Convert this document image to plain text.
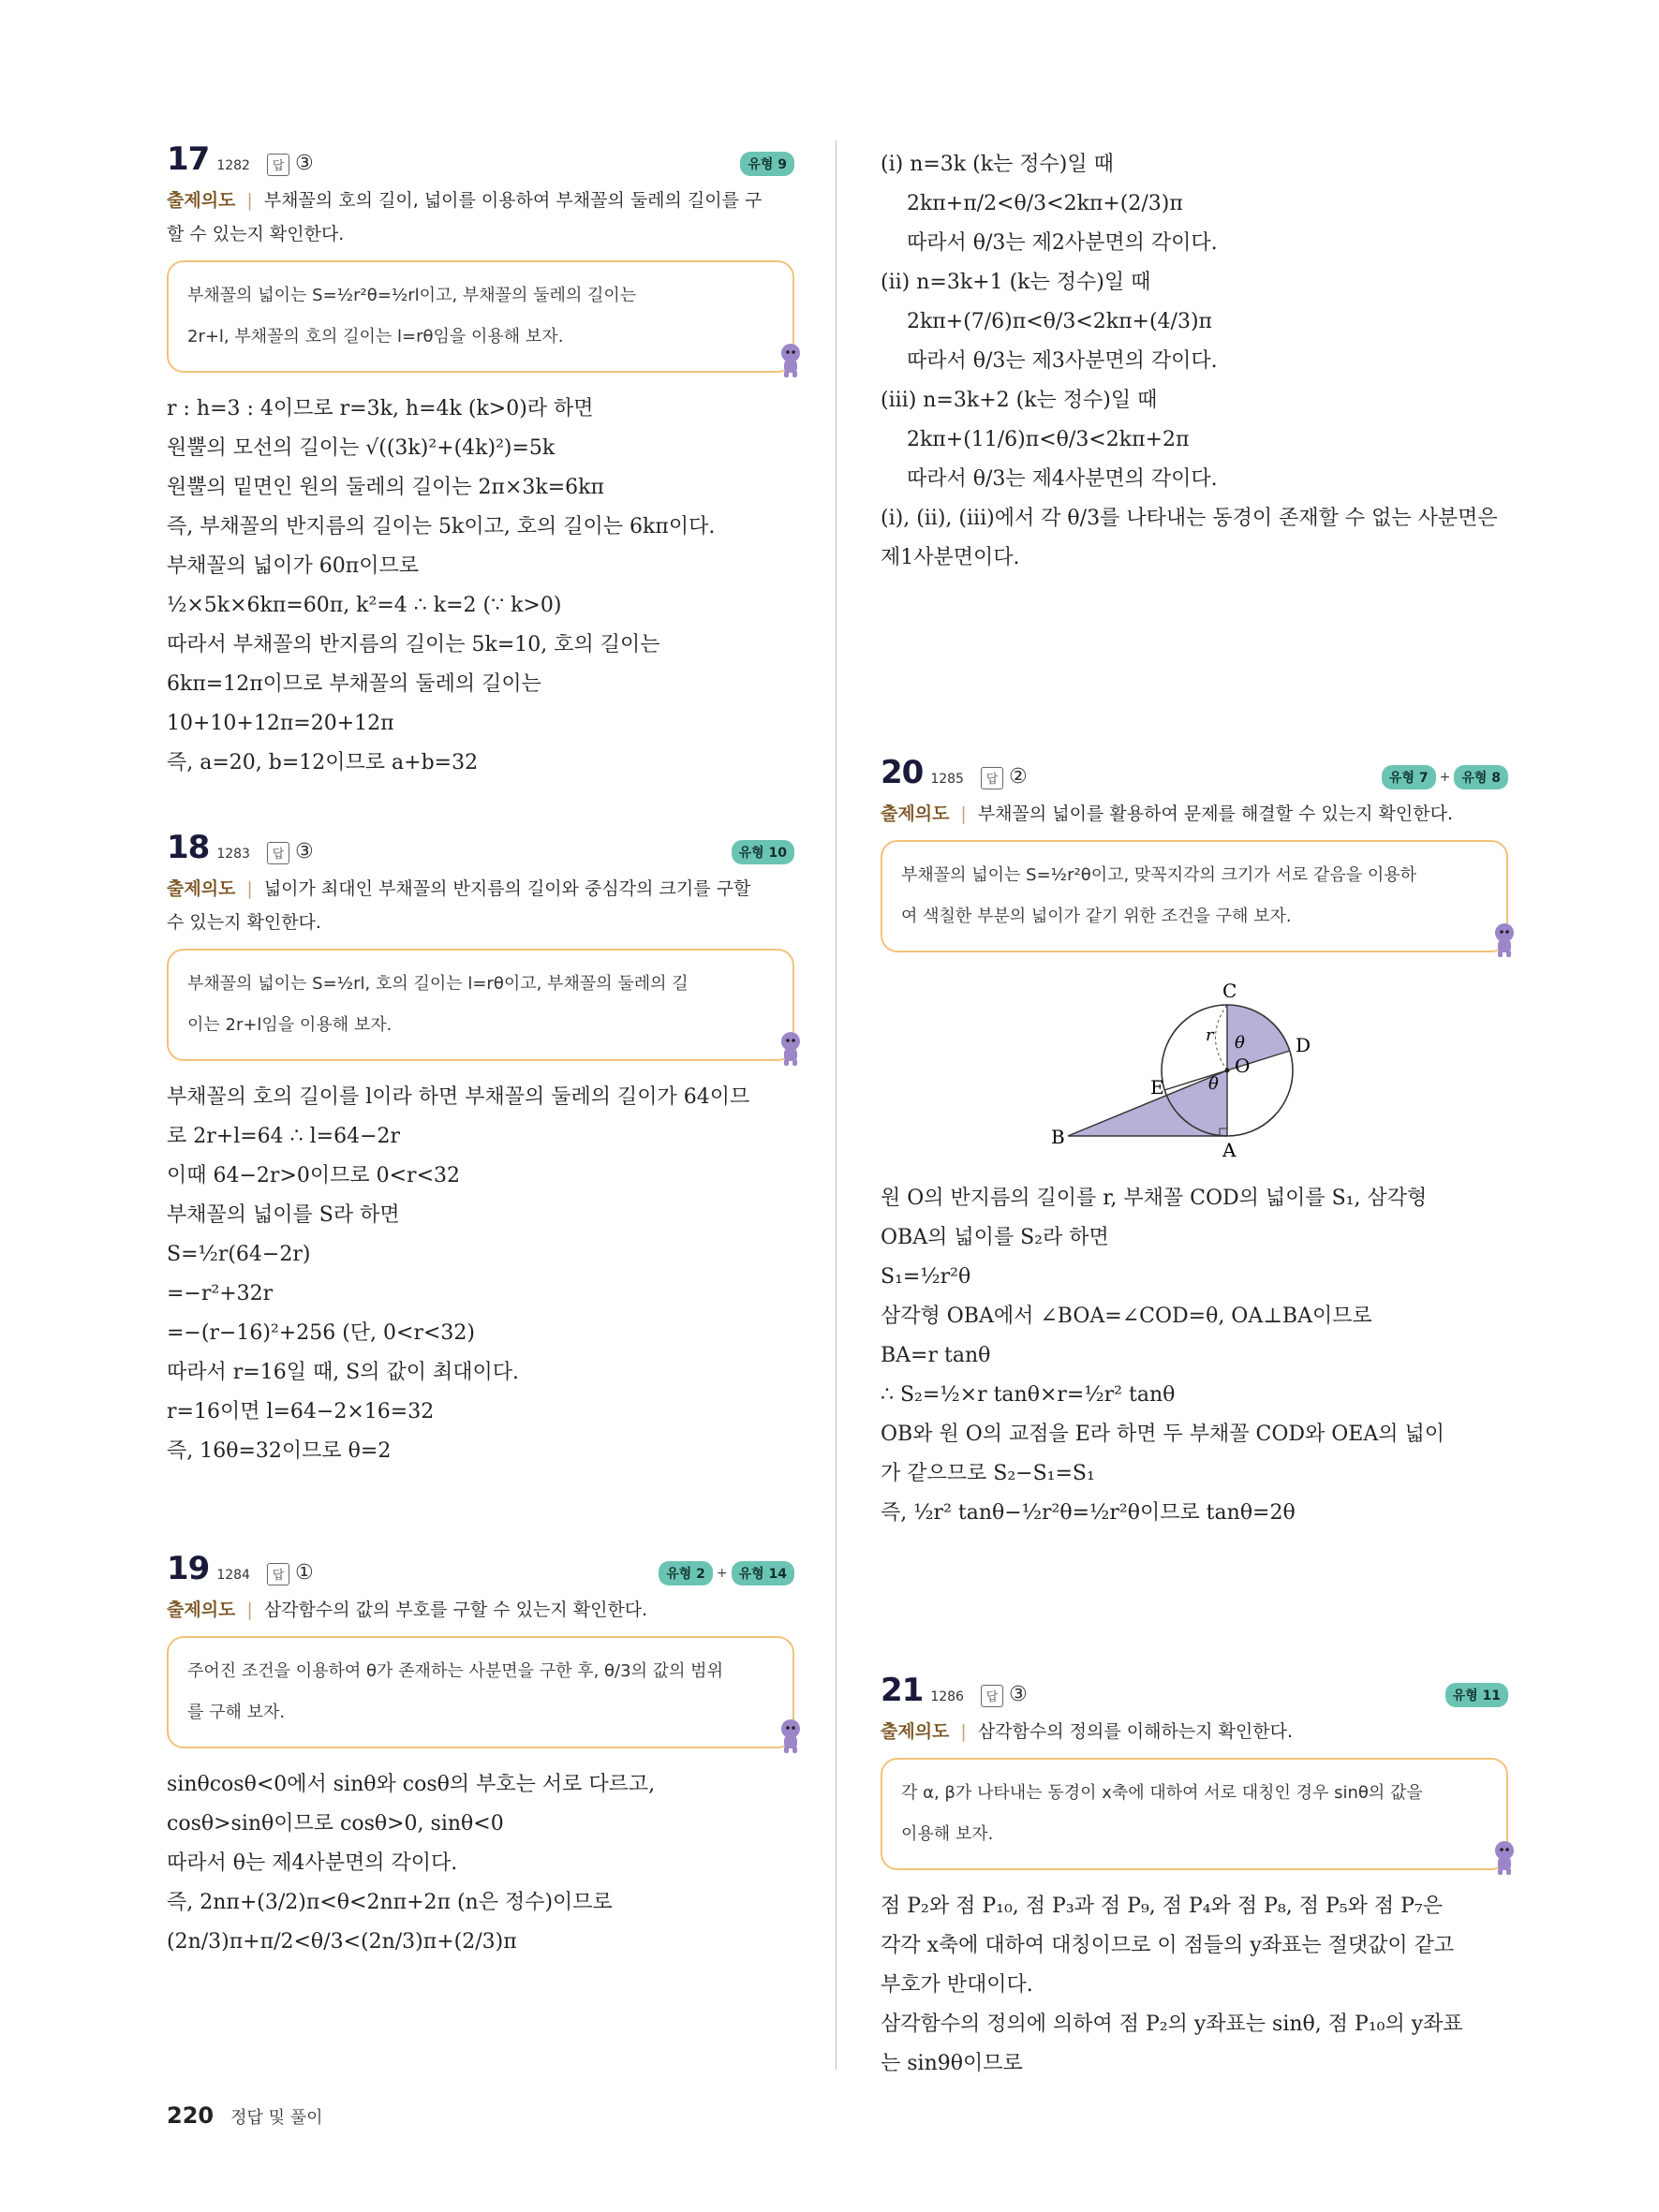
17 1282	답 ③	유형 9
출제의도 | 부채꼴의 호의 길이, 넓이를 이용하여 부채꼴의 둘레의 길이를 구
할 수 있는지 확인한다.
부채꼴의 넓이는 S=½r²θ=½rl이고, 부채꼴의 둘레의 길이는
2r+l, 부채꼴의 호의 길이는 l=rθ임을 이용해 보자.
r : h=3 : 4이므로 r=3k, h=4k (k>0)라 하면
원뿔의 모선의 길이는 √((3k)²+(4k)²)=5k
원뿔의 밑면인 원의 둘레의 길이는 2π×3k=6kπ
즉, 부채꼴의 반지름의 길이는 5k이고, 호의 길이는 6kπ이다.
부채꼴의 넓이가 60π이므로
½×5k×6kπ=60π, k²=4 ∴ k=2 (∵ k>0)
따라서 부채꼴의 반지름의 길이는 5k=10, 호의 길이는
6kπ=12π이므로 부채꼴의 둘레의 길이는
10+10+12π=20+12π
즉, a=20, b=12이므로 a+b=32
18 1283	답 ③	유형 10
출제의도 | 넓이가 최대인 부채꼴의 반지름의 길이와 중심각의 크기를 구할
수 있는지 확인한다.
부채꼴의 넓이는 S=½rl, 호의 길이는 l=rθ이고, 부채꼴의 둘레의 길
이는 2r+l임을 이용해 보자.
부채꼴의 호의 길이를 l이라 하면 부채꼴의 둘레의 길이가 64이므
로 2r+l=64 ∴ l=64−2r
이때 64−2r>0이므로 0<r<32
부채꼴의 넓이를 S라 하면
S=½r(64−2r)
=−r²+32r
=−(r−16)²+256 (단, 0<r<32)
따라서 r=16일 때, S의 값이 최대이다.
r=16이면 l=64−2×16=32
즉, 16θ=32이므로 θ=2
19 1284	답 ①	유형 2 + 유형 14
출제의도 | 삼각함수의 값의 부호를 구할 수 있는지 확인한다.
주어진 조건을 이용하여 θ가 존재하는 사분면을 구한 후, θ/3의 값의 범위
를 구해 보자.
sinθcosθ<0에서 sinθ와 cosθ의 부호는 서로 다르고,
cosθ>sinθ이므로 cosθ>0, sinθ<0
따라서 θ는 제4사분면의 각이다.
즉, 2nπ+(3/2)π<θ<2nπ+2π (n은 정수)이므로
(2n/3)π+π/2<θ/3<(2n/3)π+(2/3)π
(i) n=3k (k는 정수)일 때
2kπ+π/2<θ/3<2kπ+(2/3)π
따라서 θ/3는 제2사분면의 각이다.
(ii) n=3k+1 (k는 정수)일 때
2kπ+(7/6)π<θ/3<2kπ+(4/3)π
따라서 θ/3는 제3사분면의 각이다.
(iii) n=3k+2 (k는 정수)일 때
2kπ+(11/6)π<θ/3<2kπ+2π
따라서 θ/3는 제4사분면의 각이다.
(i), (ii), (iii)에서 각 θ/3를 나타내는 동경이 존재할 수 없는 사분면은
제1사분면이다.
20 1285	답 ②	유형 7 + 유형 8
출제의도 | 부채꼴의 넓이를 활용하여 문제를 해결할 수 있는지 확인한다.
부채꼴의 넓이는 S=½r²θ이고, 맞꼭지각의 크기가 서로 같음을 이용하
여 색칠한 부분의 넓이가 같기 위한 조건을 구해 보자.
C
D
O
E
B
A
r θ
θ
원 O의 반지름의 길이를 r, 부채꼴 COD의 넓이를 S₁, 삼각형
OBA의 넓이를 S₂라 하면
S₁=½r²θ
삼각형 OBA에서 ∠BOA=∠COD=θ, OA⊥BA이므로
BA=r tanθ
∴ S₂=½×r tanθ×r=½r² tanθ
OB와 원 O의 교점을 E라 하면 두 부채꼴 COD와 OEA의 넓이
가 같으므로 S₂−S₁=S₁
즉, ½r² tanθ−½r²θ=½r²θ이므로 tanθ=2θ
21 1286	답 ③	유형 11
출제의도 | 삼각함수의 정의를 이해하는지 확인한다.
각 α, β가 나타내는 동경이 x축에 대하여 서로 대칭인 경우 sinθ의 값을
이용해 보자.
점 P₂와 점 P₁₀, 점 P₃과 점 P₉, 점 P₄와 점 P₈, 점 P₅와 점 P₇은
각각 x축에 대하여 대칭이므로 이 점들의 y좌표는 절댓값이 같고
부호가 반대이다.
삼각함수의 정의에 의하여 점 P₂의 y좌표는 sinθ, 점 P₁₀의 y좌표
는 sin9θ이므로
220 정답 및 풀이
